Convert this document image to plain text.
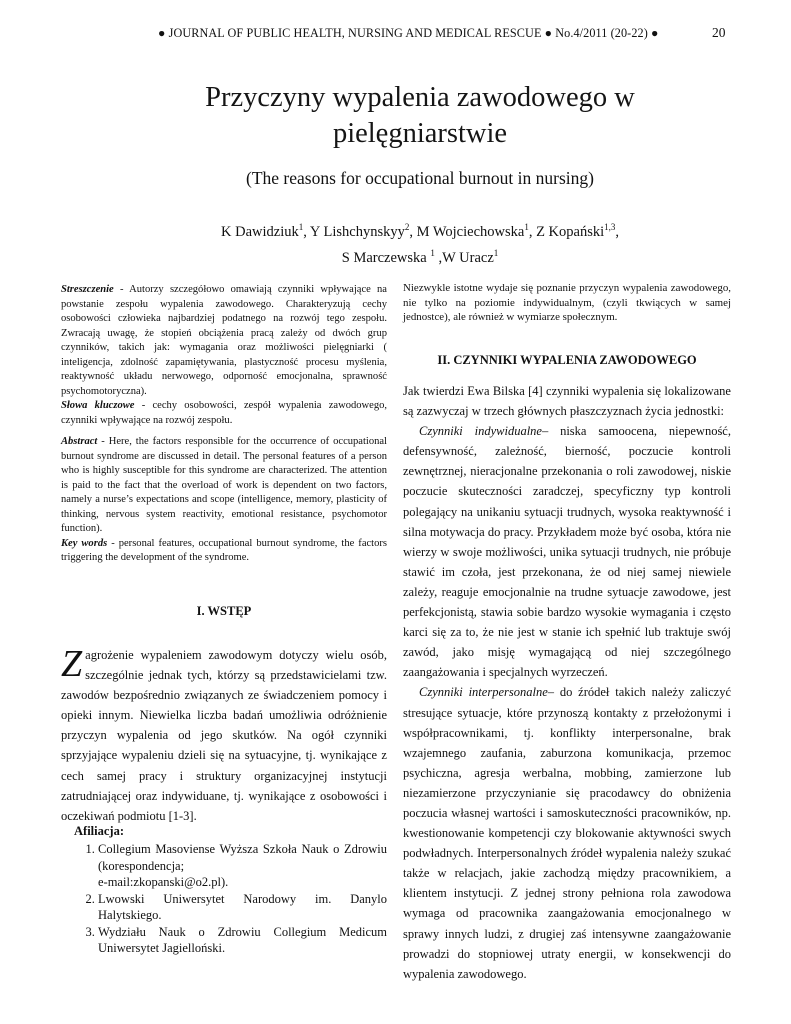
● JOURNAL OF PUBLIC HEALTH, NURSING AND MEDICAL RESCUE ● No.4/2011 (20-22) ●	20
Przyczyny wypalenia zawodowego w
pielęgniarstwie
(The reasons for occupational burnout in nursing)
K Dawidziuk$^1$, Y Lishchynskyy$^2$, M Wojciechowska$^1$, Z Kopański$^{1,3}$,
S Marczewska $^1$ ,W Uracz$^1$

Streszczenie - Autorzy szczegółowo omawiają czynniki wpływające na powstanie zespołu wypalenia zawodowego. Charakteryzują cechy osobowości człowieka najbardziej podatnego na rozwój tego zespołu. Zwracają uwagę, że stopień obciążenia pracą zależy od dwóch grup czynników, takich jak: wymagania oraz możliwości pielęgniarki ( inteligencja, zdolność zapamiętywania, plastyczność procesu myślenia, reaktywność układu nerwowego, odporność emocjonalna, sprawność psychomotoryczna).

Słowa kluczowe - cechy osobowości, zespół wypalenia zawodowego, czynniki wpływające na rozwój zespołu.

Abstract - Here, the factors responsible for the occurrence of occupational burnout syndrome are discussed in detail. The personal features of a person who is highly susceptible for this syndrome are characterized. The attention is paid to the fact that the overload of work is dependent on two factors, namely a nurse’s expectations and scope (intelligence, memory, plasticity of thinking, nervous system reactivity, emotional resistance, psychomotor function).

Key words - personal features, occupational burnout syndrome, the factors triggering the development of the syndrome.

I. WSTĘP

Zagrożenie wypaleniem zawodowym dotyczy wielu osób, szczególnie jednak tych, którzy są przedstawicielami tzw. zawodów bezpośrednio związanych ze świadczeniem pomocy i opieki innym. Niewielka liczba badań umożliwia odróżnienie przyczyn wypalenia od jego skutków. Na ogół czynniki sprzyjające wypaleniu dzieli się na sytuacyjne, tj. wynikające z cech samej pracy i struktury organizacyjnej instytucji zatrudniającej oraz indywiduane, tj. wynikające z osobowości i oczekiwań podmiotu [1-3].

Afiliacja:
1. Collegium Masoviense Wyższa Szkoła Nauk o Zdrowiu (korespondencja;
e-mail:zkopanski@o2.pl).
2. Lwowski Uniwersytet Narodowy im. Danylo Halytskiego.
3. Wydziału Nauk o Zdrowiu Collegium Medicum Uniwersytet Jagielloński.
Niezwykle istotne wydaje się poznanie przyczyn wypalenia zawodowego, nie tylko na poziomie indywidualnym, (czyli tkwiących w samej jednostce), ale również w wymiarze społecznym.
II. CZYNNIKI WYPALENIA ZAWODOWEGO

Jak twierdzi Ewa Bilska [4] czynniki wypalenia się lokalizowane są zazwyczaj w trzech głównych płaszczyznach życia jednostki:

Czynniki indywidualne– niska samoocena, niepewność, defensywność, zależność, bierność, poczucie kontroli zewnętrznej, nieracjonalne przekonania o roli zawodowej, niskie poczucie skuteczności zaradczej, specyficzny typ kontroli polegający na unikaniu sytuacji trudnych, wysoka reaktywność i silna motywacja do pracy. Przykładem może być osoba, która nie wierzy w swoje możliwości, unika sytuacji trudnych, nie próbuje stawić im czoła, jest przekonana, że od niej samej niewiele zależy, reaguje emocjonalnie na trudne sytuacje zawodowe, jest perfekcjonistą, stawia sobie bardzo wysokie wymagania i często karci się za to, że nie jest w stanie ich spełnić lub traktuje swój zawód, jako misję wymagającą od niej szczególnego zaangażowania i specjalnych wyrzeczeń.

Czynniki interpersonalne– do źródeł takich należy zaliczyć stresujące sytuacje, które przynoszą kontakty z przełożonymi i współpracownikami, tj. konflikty interpersonalne, brak wzajemnego zaufania, zaburzona komunikacja, przemoc psychiczna, agresja werbalna, mobbing, zamierzone lub niezamierzone przyczynianie się pracodawcy do obniżenia poczucia własnej wartości i samoskuteczności pracowników, np. kwestionowanie kompetencji czy blokowanie aktywności swych podwładnych. Interpersonalnych źródeł wypalenia należy szukać także w relacjach, jakie zachodzą między pracownikiem, a klientem instytucji. Z jednej strony pełniona rola zawodowa wymaga od pracownika zaangażowania emocjonalnego w sprawy innych ludzi, z drugiej zaś intensywne zaangażowanie prowadzi do stopniowej utraty energii, w konsekwencji do wypalenia zawodowego.
